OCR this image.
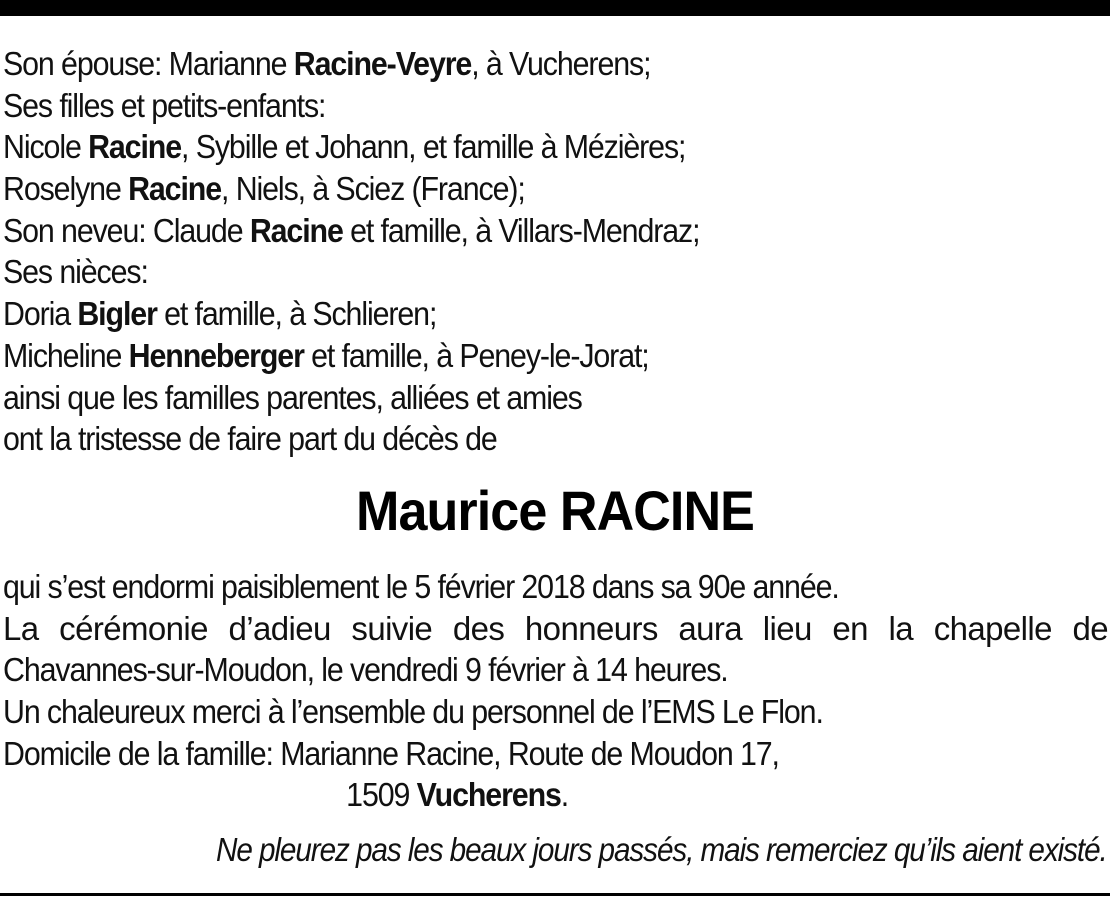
Son épouse: Marianne Racine-Veyre, à Vucherens;
Ses filles et petits-enfants:
Nicole Racine, Sybille et Johann, et famille à Mézières;
Roselyne Racine, Niels, à Sciez (France);
Son neveu: Claude Racine et famille, à Villars-Mendraz;
Ses nièces:
Doria Bigler et famille, à Schlieren;
Micheline Henneberger et famille, à Peney-le-Jorat;
ainsi que les familles parentes, alliées et amies
ont la tristesse de faire part du décès de
Maurice RACINE
qui s’est endormi paisiblement le 5 février 2018 dans sa 90e année.
La cérémonie d’adieu suivie des honneurs aura lieu en la chapelle de
Chavannes-sur-Moudon, le vendredi 9 février à 14 heures.
Un chaleureux merci à l’ensemble du personnel de l’EMS Le Flon.
Domicile de la famille: Marianne Racine, Route de Moudon 17,
1509 Vucherens.
Ne pleurez pas les beaux jours passés, mais remerciez qu’ils aient existé.
